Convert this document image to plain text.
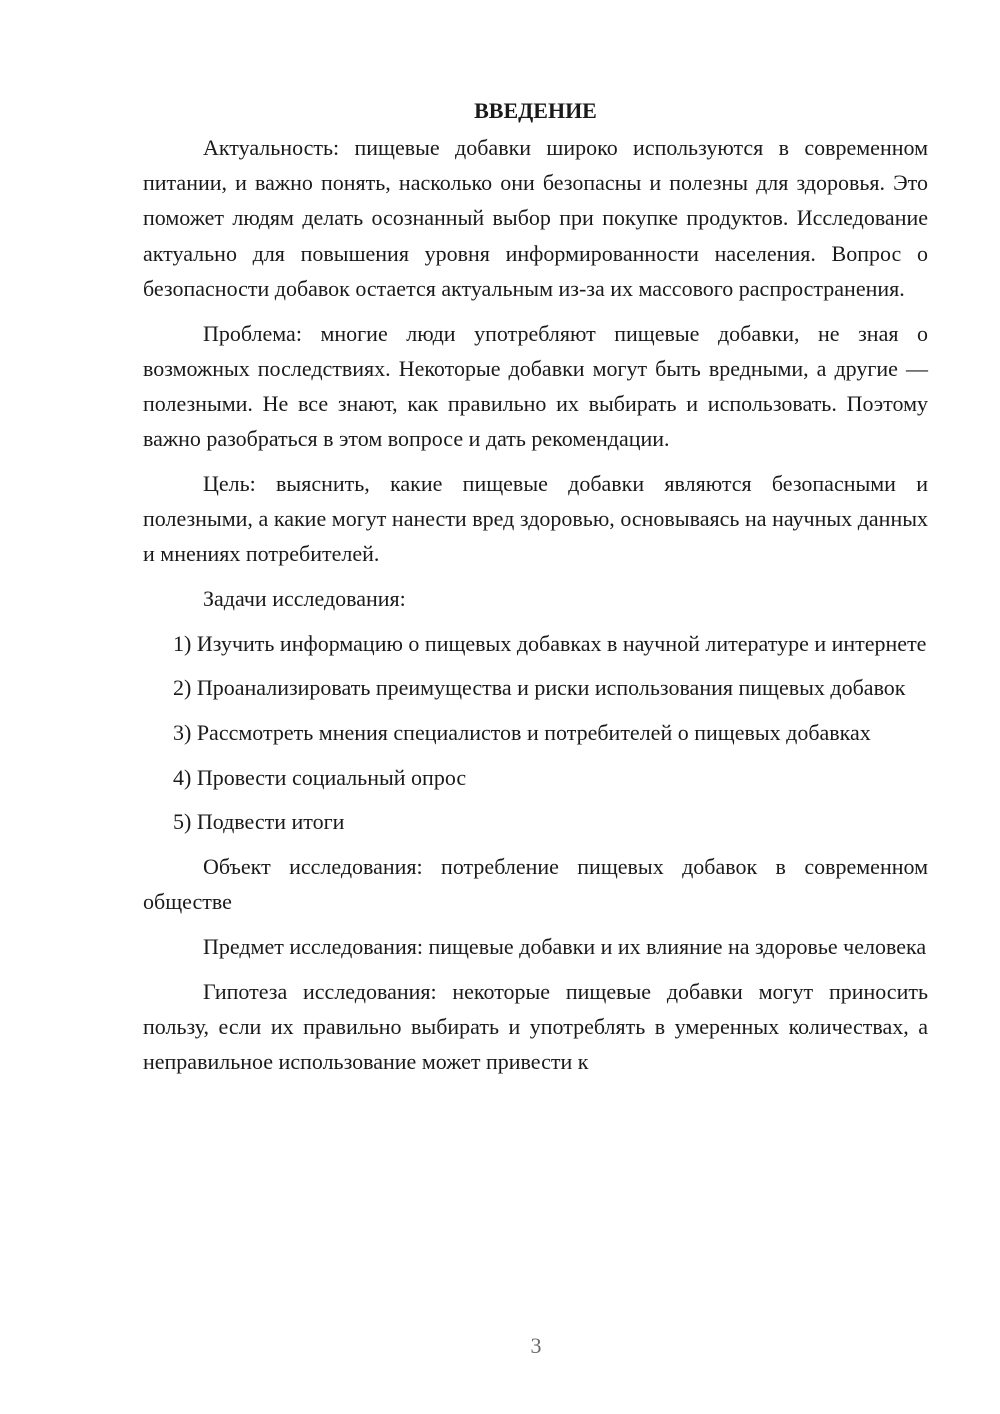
ВВЕДЕНИЕ

Актуальность: пищевые добавки широко используются в современном питании, и важно понять, насколько они безопасны и полезны для здоровья. Это поможет людям делать осознанный выбор при покупке продуктов. Исследование актуально для повышения уровня информированности населения. Вопрос о безопасности добавок остается актуальным из-за их массового распространения.

Проблема: многие люди употребляют пищевые добавки, не зная о возможных последствиях. Некоторые добавки могут быть вредными, а другие — полезными. Не все знают, как правильно их выбирать и использовать. Поэтому важно разобраться в этом вопросе и дать рекомендации.

Цель: выяснить, какие пищевые добавки являются безопасными и полезными, а какие могут нанести вред здоровью, основываясь на научных данных и мнениях потребителей.

Задачи исследования:

1) Изучить информацию о пищевых добавках в научной литературе и интернете

2) Проанализировать преимущества и риски использования пищевых добавок

3) Рассмотреть мнения специалистов и потребителей о пищевых добавках

4) Провести социальный опрос

5) Подвести итоги

Объект исследования: потребление пищевых добавок в современном обществе

Предмет исследования: пищевые добавки и их влияние на здоровье человека

Гипотеза исследования: некоторые пищевые добавки могут приносить пользу, если их правильно выбирать и употреблять в умеренных количествах, а неправильное использование может привести к

3
